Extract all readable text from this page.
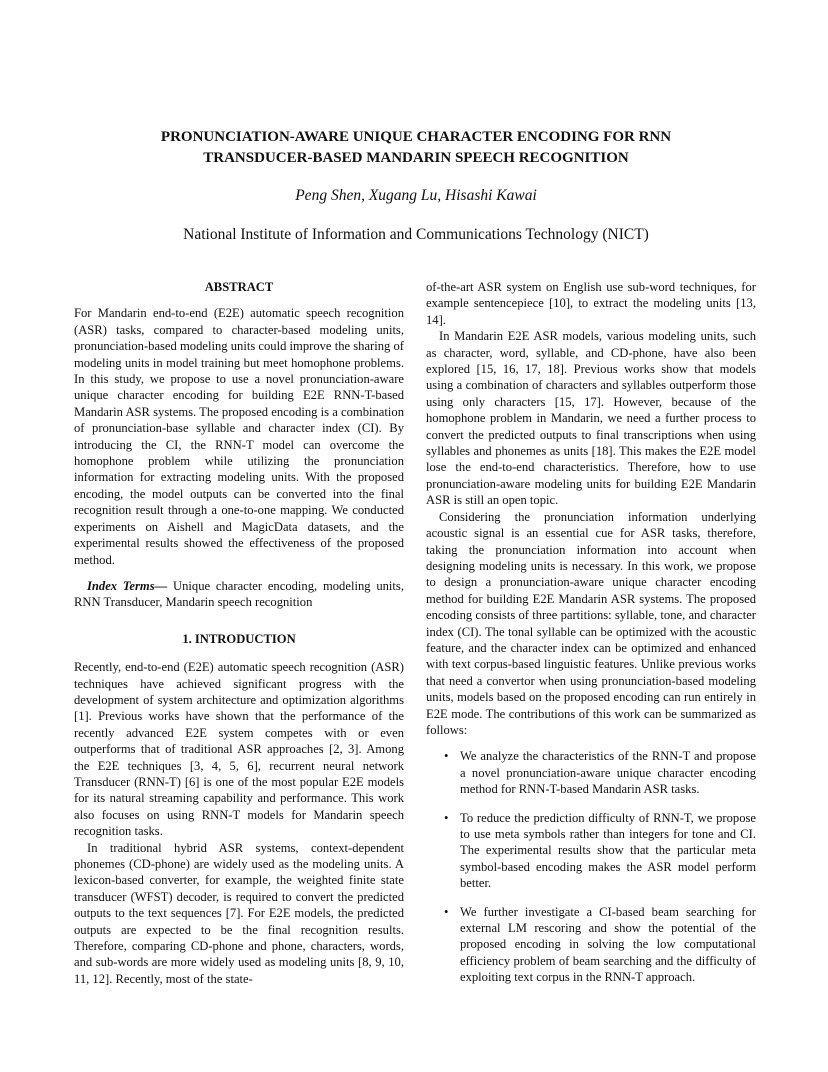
PRONUNCIATION-AWARE UNIQUE CHARACTER ENCODING FOR RNN
TRANSDUCER-BASED MANDARIN SPEECH RECOGNITION
Peng Shen, Xugang Lu, Hisashi Kawai
National Institute of Information and Communications Technology (NICT)
ABSTRACT

For Mandarin end-to-end (E2E) automatic speech recognition (ASR) tasks, compared to character-based modeling units, pronunciation-based modeling units could improve the sharing of modeling units in model training but meet homophone problems. In this study, we propose to use a novel pronunciation-aware unique character encoding for building E2E RNN-T-based Mandarin ASR systems. The proposed encoding is a combination of pronunciation-base syllable and character index (CI). By introducing the CI, the RNN-T model can overcome the homophone problem while utilizing the pronunciation information for extracting modeling units. With the proposed encoding, the model outputs can be converted into the final recognition result through a one-to-one mapping. We conducted experiments on Aishell and MagicData datasets, and the experimental results showed the effectiveness of the proposed method.

Index Terms— Unique character encoding, modeling units, RNN Transducer, Mandarin speech recognition

1. INTRODUCTION

Recently, end-to-end (E2E) automatic speech recognition (ASR) techniques have achieved significant progress with the development of system architecture and optimization algorithms [1]. Previous works have shown that the performance of the recently advanced E2E system competes with or even outperforms that of traditional ASR approaches [2, 3]. Among the E2E techniques [3, 4, 5, 6], recurrent neural network Transducer (RNN-T) [6] is one of the most popular E2E models for its natural streaming capability and performance. This work also focuses on using RNN-T models for Mandarin speech recognition tasks.

In traditional hybrid ASR systems, context-dependent phonemes (CD-phone) are widely used as the modeling units. A lexicon-based converter, for example, the weighted finite state transducer (WFST) decoder, is required to convert the predicted outputs to the text sequences [7]. For E2E models, the predicted outputs are expected to be the final recognition results. Therefore, comparing CD-phone and phone, characters, words, and sub-words are more widely used as modeling units [8, 9, 10, 11, 12]. Recently, most of the state-

of-the-art ASR system on English use sub-word techniques, for example sentencepiece [10], to extract the modeling units [13, 14].

In Mandarin E2E ASR models, various modeling units, such as character, word, syllable, and CD-phone, have also been explored [15, 16, 17, 18]. Previous works show that models using a combination of characters and syllables outperform those using only characters [15, 17]. However, because of the homophone problem in Mandarin, we need a further process to convert the predicted outputs to final transcriptions when using syllables and phonemes as units [18]. This makes the E2E model lose the end-to-end characteristics. Therefore, how to use pronunciation-aware modeling units for building E2E Mandarin ASR is still an open topic.

Considering the pronunciation information underlying acoustic signal is an essential cue for ASR tasks, therefore, taking the pronunciation information into account when designing modeling units is necessary. In this work, we propose to design a pronunciation-aware unique character encoding method for building E2E Mandarin ASR systems. The proposed encoding consists of three partitions: syllable, tone, and character index (CI). The tonal syllable can be optimized with the acoustic feature, and the character index can be optimized and enhanced with text corpus-based linguistic features. Unlike previous works that need a convertor when using pronunciation-based modeling units, models based on the proposed encoding can run entirely in E2E mode. The contributions of this work can be summarized as follows:

• We analyze the characteristics of the RNN-T and propose a novel pronunciation-aware unique character encoding method for RNN-T-based Mandarin ASR tasks.
• To reduce the prediction difficulty of RNN-T, we propose to use meta symbols rather than integers for tone and CI. The experimental results show that the particular meta symbol-based encoding makes the ASR model perform better.
• We further investigate a CI-based beam searching for external LM rescoring and show the potential of the proposed encoding in solving the low computational efficiency problem of beam searching and the difficulty of exploiting text corpus in the RNN-T approach.
